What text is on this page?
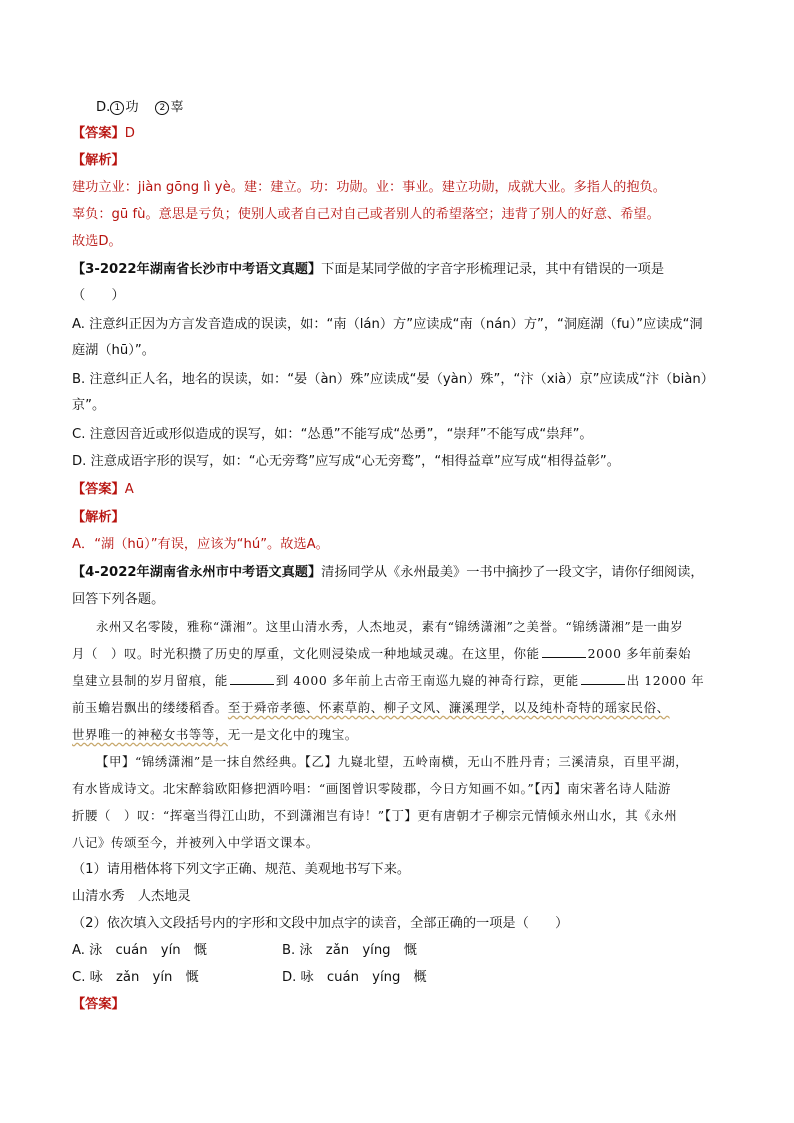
D. 1 功 2 辜
【答案】D
【解析】
建功立业：jiàn gōng lì yè。建：建立。功：功勋。业：事业。建立功勋，成就大业。多指人的抱负。
辜负：gū fù。意思是亏负；使别人或者自己对自己或者别人的希望落空；违背了别人的好意、希望。
故选D。
【3-2022年湖南省长沙市中考语文真题】下面是某同学做的字音字形梳理记录，其中有错误的一项是
（　　）
A. 注意纠正因为方言发音造成的误读，如：“南（lán）方”应读成“南（nán）方”，“洞庭湖（fu）”应读成“洞
庭湖（hū）”。
B. 注意纠正人名，地名的误读，如：“晏（àn）殊”应读成“晏（yàn）殊”，“汴（xià）京”应读成“汴（biàn）
京”。
C. 注意因音近或形似造成的误写，如：“怂恿”不能写成“怂勇”，“崇拜”不能写成“祟拜”。
D. 注意成语字形的误写，如：“心无旁骛”应写成“心无旁鹜”，“相得益章”应写成“相得益彰”。
【答案】A
【解析】
A．“湖（hū）”有误，应该为“hú”。故选A。
【4-2022年湖南省永州市中考语文真题】清扬同学从《永州最美》一书中摘抄了一段文字，请你仔细阅读，
回答下列各题。
永州又名零陵，雅称“潇湘”。这里山清水秀，人杰地灵，素有“锦绣潇湘”之美誉。“锦绣潇湘”是一曲岁
月（　）叹。时光积攒了历史的厚重，文化则浸染成一种地域灵魂。在这里，你能	2000 多年前秦始
皇建立县制的岁月留痕，能	到 4000 多年前上古帝王南巡九嶷的神奇行踪，更能	出 12000 年
前玉蟾岩飘出的缕缕稻香。至于舜帝孝德、怀素草韵、柳子文风、濂溪理学，以及纯朴奇特的瑶家民俗、
世界唯一的神秘女书等等，无一是文化中的瑰宝。
【甲】“锦绣潇湘”是一抹自然经典。【乙】九嶷北望，五岭南横，无山不胜丹青；三溪清泉，百里平湖，
有水皆成诗文。北宋醉翁欧阳修把酒吟唱：“画图曾识零陵郡，今日方知画不如。”【丙】南宋著名诗人陆游
折腰（　）叹：“挥毫当得江山助，不到潇湘岂有诗！”【丁】更有唐朝才子柳宗元情倾永州山水，其《永州
八记》传颂至今，并被列入中学语文课本。
（1）请用楷体将下列文字正确、规范、美观地书写下来。
山清水秀　人杰地灵
（2）依次填入文段括号内的字形和文段中加点字的读音，全部正确的一项是（　　）
A. 泳　cuán　yín　慨	B. 泳　zǎn　yíng　慨
C. 咏　zǎn　yín　慨	D. 咏　cuán　yíng　概
【答案】
